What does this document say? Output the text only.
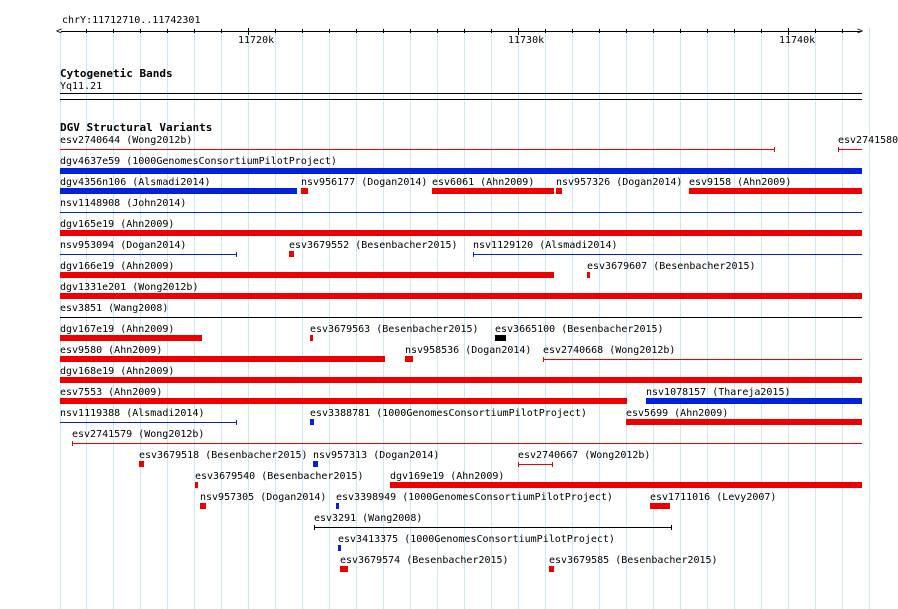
chrY:11712710..11742301
<	>
11720k	11730k	11740k
Cytogenetic Bands
Yq11.21
DGV Structural Variants
esv2740644 (Wong2012b)	esv2741580
dgv4637e59 (1000GenomesConsortiumPilotProject)
dgv4356n106 (Alsmadi2014)	nsv956177 (Dogan2014) esv6061 (Ahn2009) nsv957326 (Dogan2014) esv9158 (Ahn2009)
nsv1148908 (John2014)
dgv165e19 (Ahn2009)
nsv953094 (Dogan2014)	esv3679552 (Besenbacher2015) nsv1129120 (Alsmadi2014)
dgv166e19 (Ahn2009)	esv3679607 (Besenbacher2015)
dgv1331e201 (Wong2012b)
esv3851 (Wang2008)
dgv167e19 (Ahn2009)	esv3679563 (Besenbacher2015) esv3665100 (Besenbacher2015)
esv9580 (Ahn2009)	nsv958536 (Dogan2014) esv2740668 (Wong2012b)
dgv168e19 (Ahn2009)
esv7553 (Ahn2009)	nsv1078157 (Thareja2015)
nsv1119388 (Alsmadi2014)	esv3388781 (1000GenomesConsortiumPilotProject)	esv5699 (Ahn2009)
esv2741579 (Wong2012b)
esv3679518 (Besenbacher2015) nsv957313 (Dogan2014)	esv2740667 (Wong2012b)
esv3679540 (Besenbacher2015)	dgv169e19 (Ahn2009)
nsv957305 (Dogan2014) esv3398949 (1000GenomesConsortiumPilotProject)	esv1711016 (Levy2007)
esv3291 (Wang2008)
esv3413375 (1000GenomesConsortiumPilotProject)
esv3679574 (Besenbacher2015)	esv3679585 (Besenbacher2015)
